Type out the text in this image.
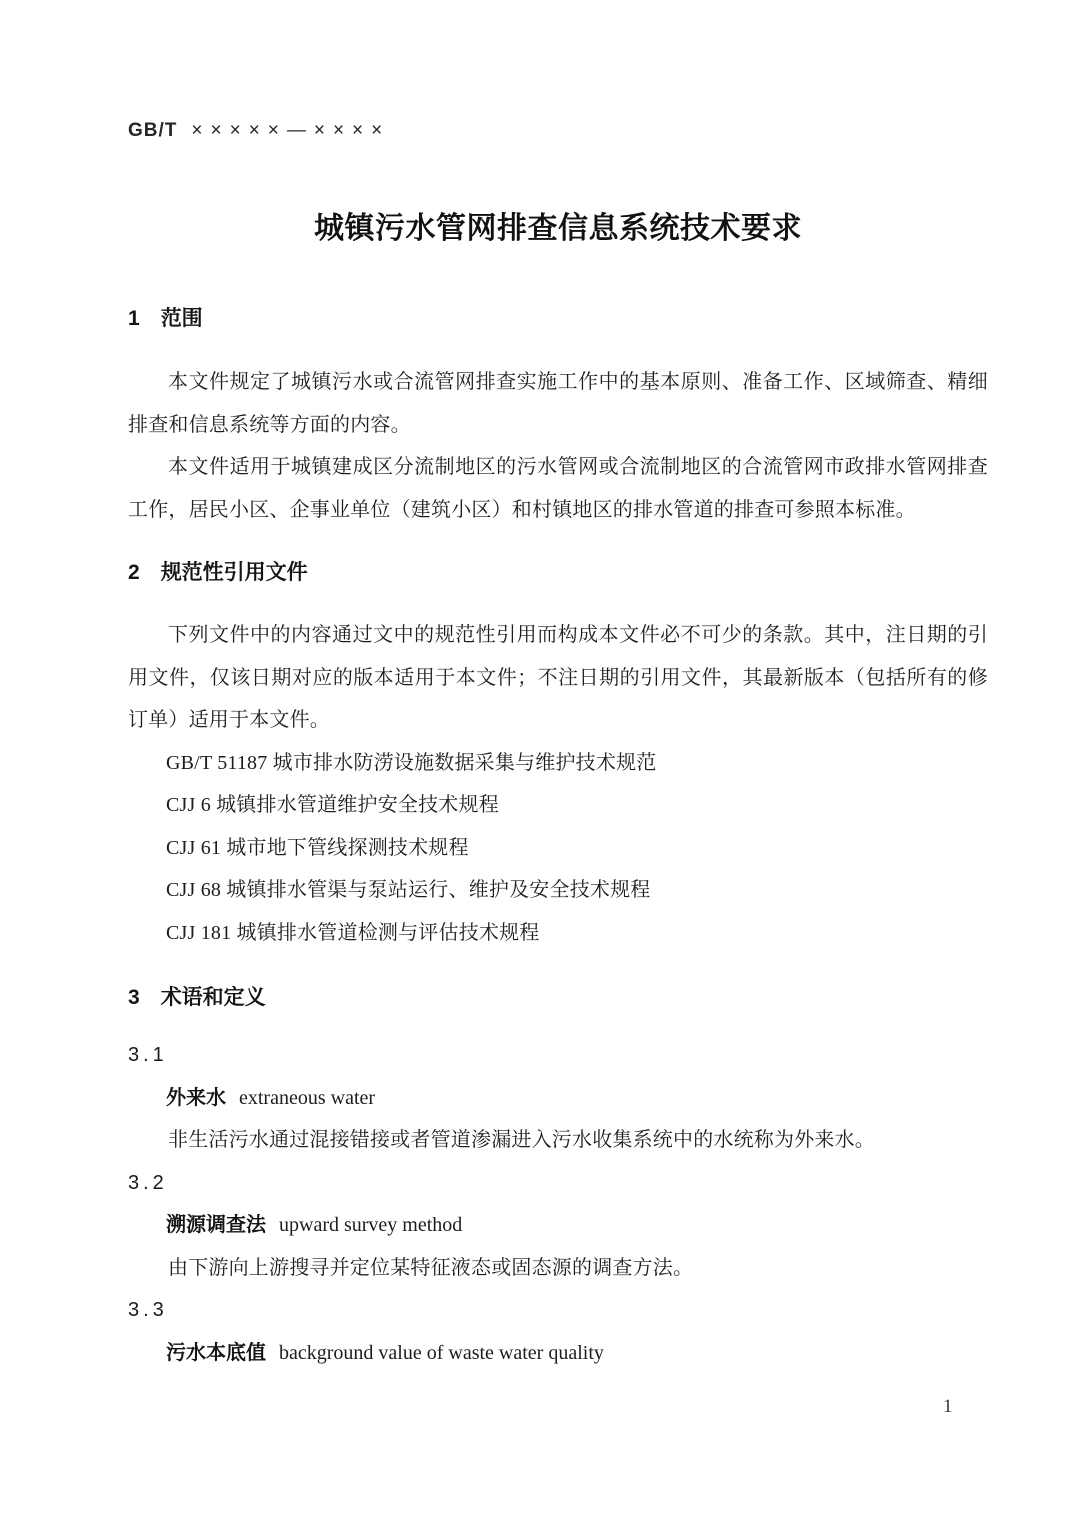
GB/T ×××××—××××
城镇污水管网排查信息系统技术要求
1 范围

本文件规定了城镇污水或合流管网排查实施工作中的基本原则、准备工作、区域筛查、精细排查和信息系统等方面的内容。

本文件适用于城镇建成区分流制地区的污水管网或合流制地区的合流管网市政排水管网排查工作，居民小区、企事业单位（建筑小区）和村镇地区的排水管道的排查可参照本标准。

2 规范性引用文件

下列文件中的内容通过文中的规范性引用而构成本文件必不可少的条款。其中，注日期的引用文件，仅该日期对应的版本适用于本文件；不注日期的引用文件，其最新版本（包括所有的修订单）适用于本文件。

GB/T 51187 城市排水防涝设施数据采集与维护技术规范
CJJ 6 城镇排水管道维护安全技术规程
CJJ 61 城市地下管线探测技术规程
CJJ 68 城镇排水管渠与泵站运行、维护及安全技术规程
CJJ 181 城镇排水管道检测与评估技术规程
3 术语和定义
3.1
外来水 extraneous water

非生活污水通过混接错接或者管道渗漏进入污水收集系统中的水统称为外来水。

3.2
溯源调查法 upward survey method

由下游向上游搜寻并定位某特征液态或固态源的调查方法。

3.3
污水本底值 background value of waste water quality
1
